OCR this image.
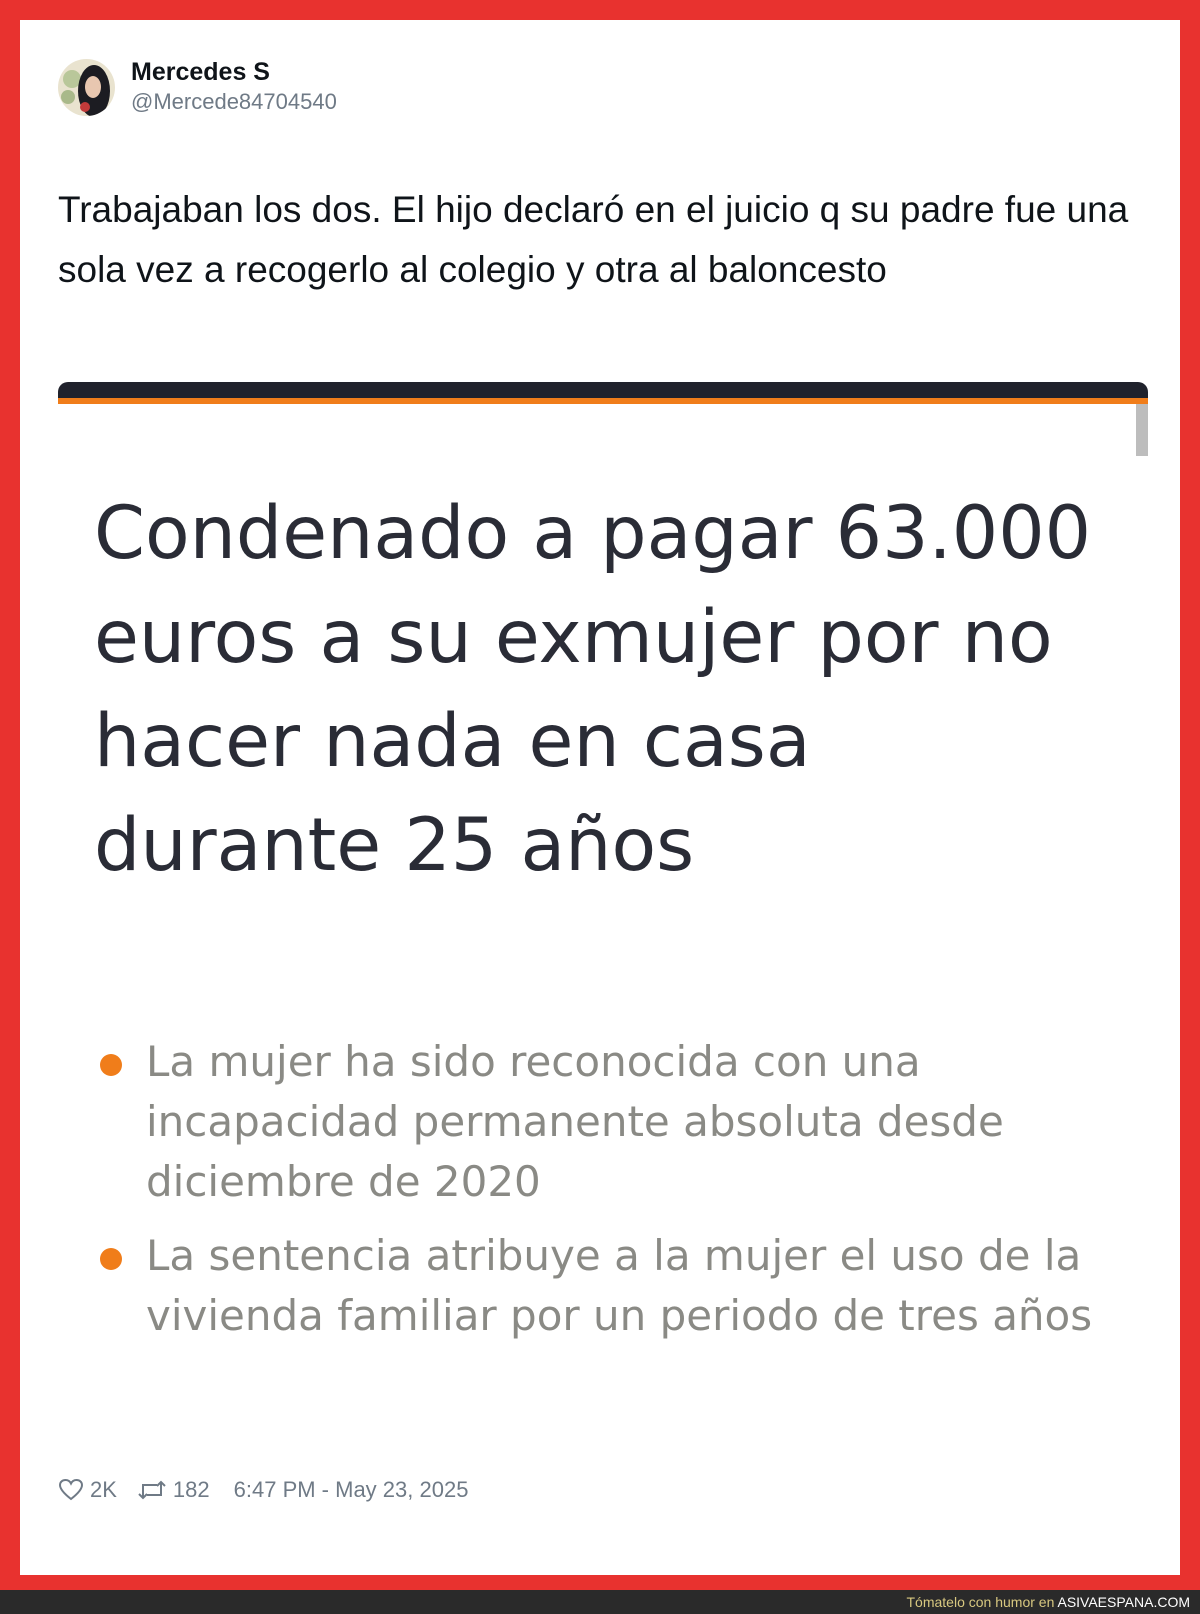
Mercedes S
@Mercede84704540

Trabajaban los dos. El hijo declaró en el juicio q su padre fue una sola vez a recogerlo al colegio y otra al baloncesto

Condenado a pagar 63.000 euros a su exmujer por no hacer nada en casa durante 25 años
La mujer ha sido reconocida con una incapacidad permanente absoluta desde diciembre de 2020
La sentencia atribuye a la mujer el uso de la vivienda familiar por un periodo de tres años
2K	182 6:47 PM - May 23, 2025
Tómatelo con humor en ASIVAESPANA.COM
